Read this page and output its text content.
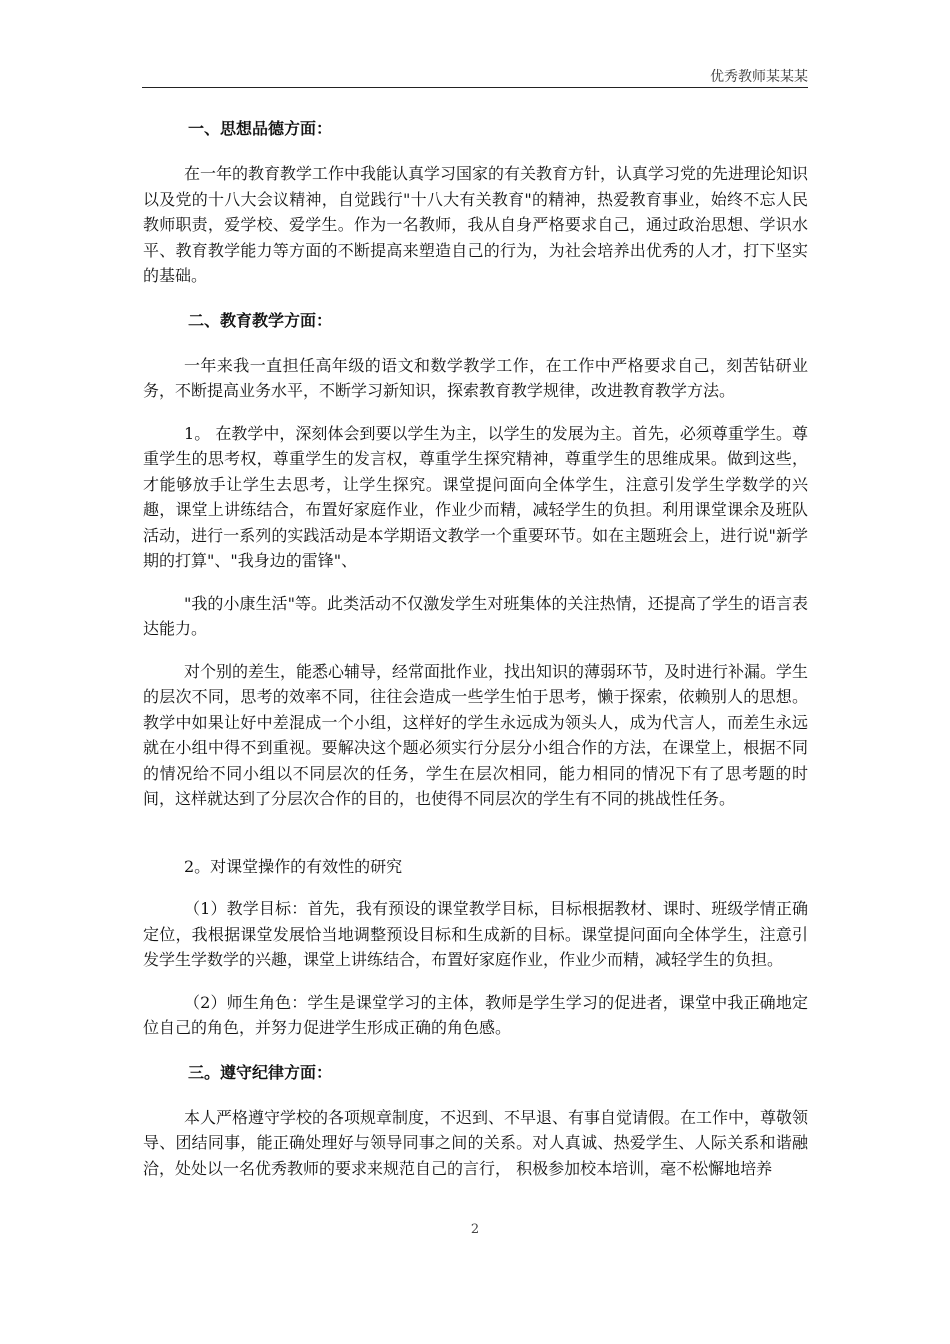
优秀教师某某某

一、思想品德方面：

在一年的教育教学工作中我能认真学习国家的有关教育方针，认真学习党的先进理论知识以及党的十八大会议精神，自觉践行"十八大有关教育"的精神，热爱教育事业，始终不忘人民教师职责，爱学校、爱学生。作为一名教师，我从自身严格要求自己，通过政治思想、学识水平、教育教学能力等方面的不断提高来塑造自己的行为，为社会培养出优秀的人才，打下坚实的基础。

二、教育教学方面：

一年来我一直担任高年级的语文和数学教学工作，在工作中严格要求自己，刻苦钻研业务，不断提高业务水平，不断学习新知识，探索教育教学规律，改进教育教学方法。

1。 在教学中，深刻体会到要以学生为主，以学生的发展为主。首先，必须尊重学生。尊重学生的思考权，尊重学生的发言权，尊重学生探究精神，尊重学生的思维成果。做到这些，才能够放手让学生去思考，让学生探究。课堂提问面向全体学生，注意引发学生学数学的兴趣，课堂上讲练结合，布置好家庭作业，作业少而精，减轻学生的负担。利用课堂课余及班队活动，进行一系列的实践活动是本学期语文教学一个重要环节。如在主题班会上，进行说"新学期的打算"、"我身边的雷锋"、

"我的小康生活"等。此类活动不仅激发学生对班集体的关注热情，还提高了学生的语言表达能力。

对个别的差生，能悉心辅导，经常面批作业，找出知识的薄弱环节，及时进行补漏。学生的层次不同，思考的效率不同，往往会造成一些学生怕于思考，懒于探索，依赖别人的思想。教学中如果让好中差混成一个小组，这样好的学生永远成为领头人，成为代言人，而差生永远就在小组中得不到重视。要解决这个题必须实行分层分小组合作的方法，在课堂上，根据不同的情况给不同小组以不同层次的任务，学生在层次相同，能力相同的情况下有了思考题的时间，这样就达到了分层次合作的目的，也使得不同层次的学生有不同的挑战性任务。

2。对课堂操作的有效性的研究

（1）教学目标：首先，我有预设的课堂教学目标，目标根据教材、课时、班级学情正确定位，我根据课堂发展恰当地调整预设目标和生成新的目标。课堂提问面向全体学生，注意引发学生学数学的兴趣，课堂上讲练结合，布置好家庭作业，作业少而精，减轻学生的负担。

（2）师生角色：学生是课堂学习的主体，教师是学生学习的促进者，课堂中我正确地定位自己的角色，并努力促进学生形成正确的角色感。

三。遵守纪律方面：

本人严格遵守学校的各项规章制度，不迟到、不早退、有事自觉请假。在工作中，尊敬领导、团结同事，能正确处理好与领导同事之间的关系。对人真诚、热爱学生、人际关系和谐融洽，处处以一名优秀教师的要求来规范自己的言行， 积极参加校本培训，毫不松懈地培养

2
